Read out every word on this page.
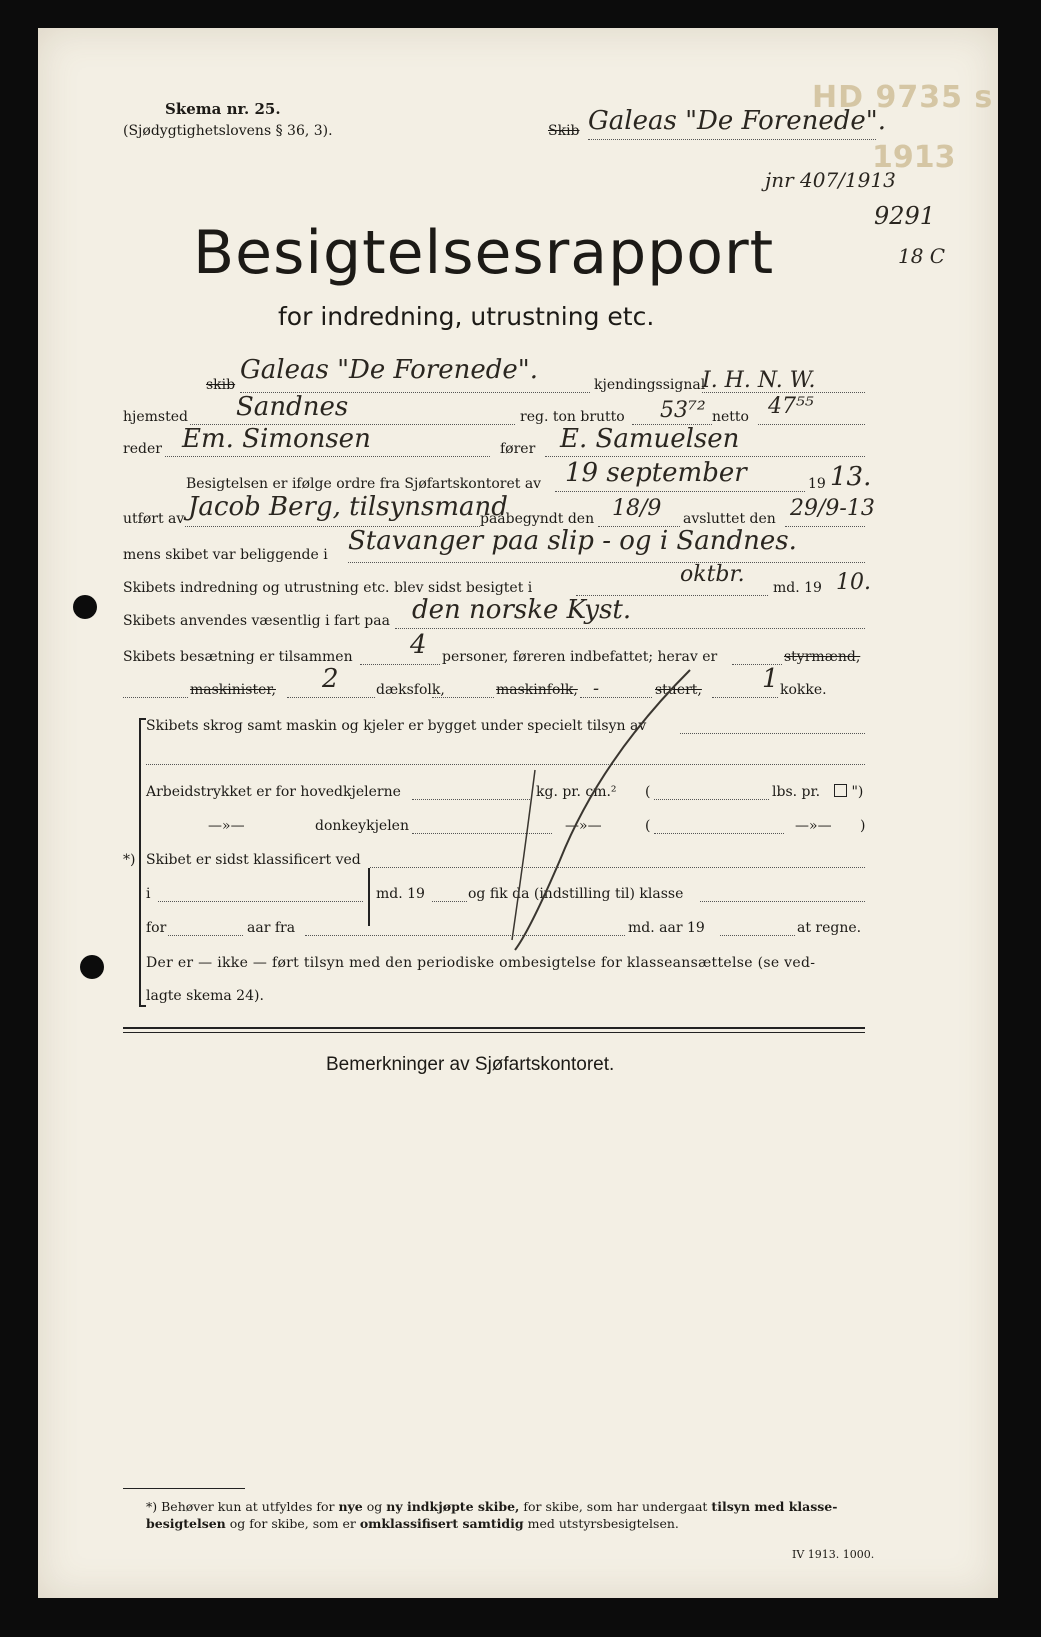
HD 9735 s
1913
Skema nr. 25.
(Sjødygtighetslovens § 36, 3).	Skib Galeas "De Forenede".
jnr 407/1913
9291
18 C
Besigtelsesrapport
for indredning, utrustning etc.
skib Galeas "De Forenede".	kjendingssignal
I. H. N. W.
hjemsted Sandnes	reg. ton brutto 53⁷² netto 47⁵⁵
reder Em. Simonsen	fører E. Samuelsen
Besigtelsen er ifølge ordre fra Sjøfartskontoret av 19 september	19 13.
utført av Jacob Berg, tilsynsmand
paabegyndt den 18/9 avsluttet den 29/9-13
mens skibet var beliggende i Stavanger paa slip - og i Sandnes.
Skibets indredning og utrustning etc. blev sidst besigtet i
oktbr.
md. 19 10.
Skibets anvendes væsentlig i fart paa den norske Kyst.
Skibets besætning er tilsammen 4 personer, føreren indbefattet; herav er	styrmænd,
maskinister, 2	dæksfolk,	maskinfolk, -	stuert, 1 kokke.
Skibets skrog samt maskin og kjeler er bygget under specielt tilsyn av
Arbeidstrykket er for hovedkjelerne	kg. pr. cm.² (	lbs. pr.	")
—»—	donkeykjelen	—»—	(	—»— )
*) Skibet er sidst klassificert ved
i	md. 19	og fik da (indstilling til) klasse
for	aar fra	md. aar 19	at regne.
Der er — ikke — ført tilsyn med den periodiske ombesigtelse for klasseansættelse (se ved-
lagte skema 24).
Bemerkninger av Sjøfartskontoret.
*) Behøver kun at utfyldes for nye og ny indkjøpte skibe, for skibe, som har undergaat tilsyn med klasse- besigtelsen og for skibe, som er omklassifisert samtidig med utstyrsbesigtelsen.
IV 1913. 1000.
